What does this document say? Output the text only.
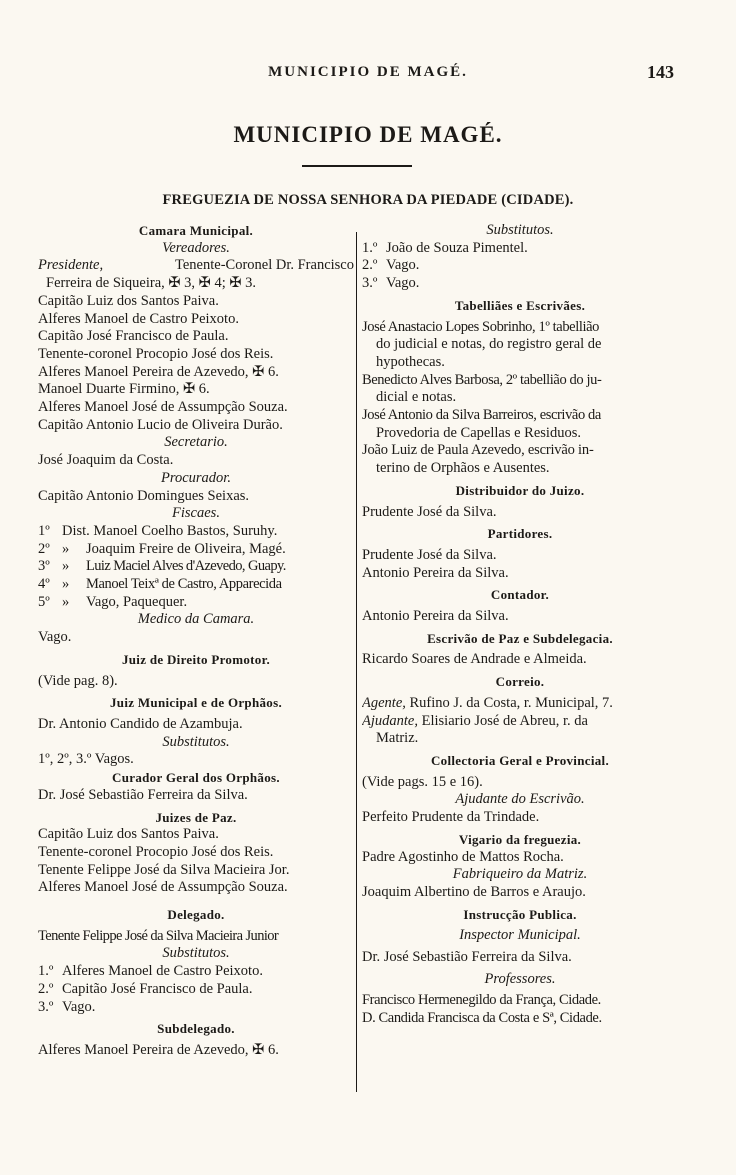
MUNICIPIO DE MAGÉ.	143
MUNICIPIO DE MAGÉ.
FREGUEZIA DE NOSSA SENHORA DA PIEDADE (CIDADE).
Camara Municipal.
Vereadores.
Presidente,	Tenente-Coronel Dr. Francisco
Ferreira de Siqueira, ✠ 3, ✠ 4; ✠ 3.
Capitão Luiz dos Santos Paiva.
Alferes Manoel de Castro Peixoto.
Capitão José Francisco de Paula.
Tenente-coronel Procopio José dos Reis.
Alferes Manoel Pereira de Azevedo, ✠ 6.
Manoel Duarte Firmino, ✠ 6.
Alferes Manoel José de Assumpção Souza.
Capitão Antonio Lucio de Oliveira Durão.
Secretario.
José Joaquim da Costa.
Procurador.
Capitão Antonio Domingues Seixas.
Fiscaes.
1º Dist. Manoel Coelho Bastos, Suruhy.
2º » Joaquim Freire de Oliveira, Magé.
3º » Luiz Maciel Alves d'Azevedo, Guapy.
4º » Manoel Teixª de Castro, Apparecida
5º » Vago, Paquequer.
Medico da Camara.
Vago.
Juiz de Direito Promotor.
(Vide pag. 8).
Juiz Municipal e de Orphãos.
Dr. Antonio Candido de Azambuja.
Substitutos.
1º, 2º, 3.º Vagos.
Curador Geral dos Orphãos.
Dr. José Sebastião Ferreira da Silva.
Juizes de Paz.
Capitão Luiz dos Santos Paiva.
Tenente-coronel Procopio José dos Reis.
Tenente Felippe José da Silva Macieira Jor.
Alferes Manoel José de Assumpção Souza.
Delegado.
Tenente Felippe José da Silva Macieira Junior
Substitutos.
1.º Alferes Manoel de Castro Peixoto.
2.º Capitão José Francisco de Paula.
3.º Vago.
Subdelegado.
Alferes Manoel Pereira de Azevedo, ✠ 6.
Substitutos.
1.º João de Souza Pimentel.
2.º Vago.
3.º Vago.
Tabelliães e Escrivães.
José Anastacio Lopes Sobrinho, 1º tabellião
do judicial e notas, do registro geral de
hypothecas.
Benedicto Alves Barbosa, 2º tabellião do ju-
dicial e notas.
José Antonio da Silva Barreiros, escrivão da
Provedoria de Capellas e Residuos.
João Luiz de Paula Azevedo, escrivão in-
terino de Orphãos e Ausentes.
Distribuidor do Juizo.
Prudente José da Silva.
Partidores.
Prudente José da Silva.
Antonio Pereira da Silva.
Contador.
Antonio Pereira da Silva.
Escrivão de Paz e Subdelegacia.
Ricardo Soares de Andrade e Almeida.
Correio.
Agente, Rufino J. da Costa, r. Municipal, 7.
Ajudante, Elisiario José de Abreu, r. da
Matriz.
Collectoria Geral e Provincial.
(Vide pags. 15 e 16).
Ajudante do Escrivão.
Perfeito Prudente da Trindade.
Vigario da freguezia.
Padre Agostinho de Mattos Rocha.
Fabriqueiro da Matriz.
Joaquim Albertino de Barros e Araujo.
Instrucção Publica.
Inspector Municipal.
Dr. José Sebastião Ferreira da Silva.
Professores.
Francisco Hermenegildo da França, Cidade.
D. Candida Francisca da Costa e Sª, Cidade.
